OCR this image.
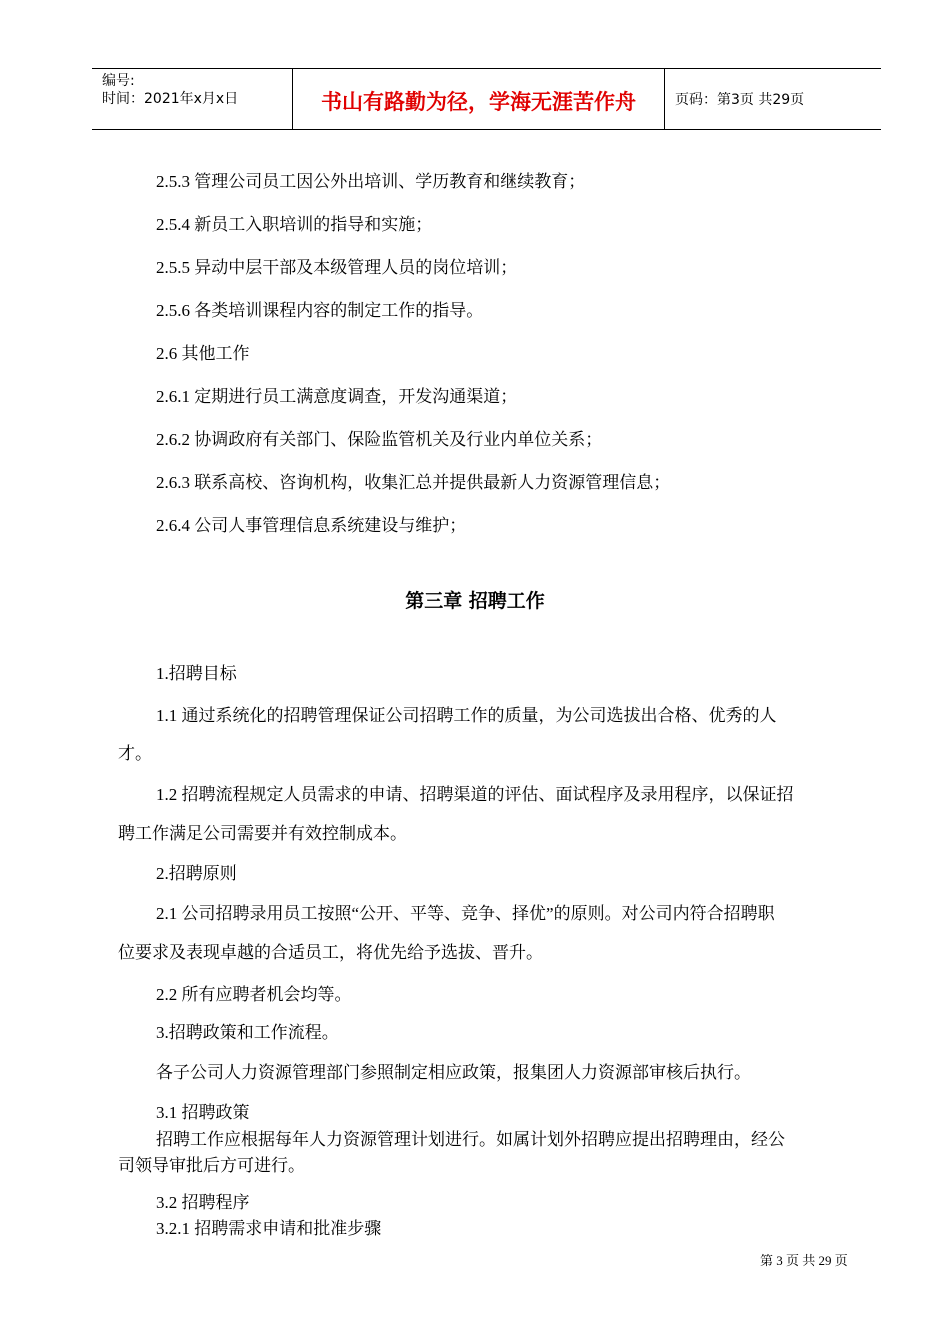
编号:
时间：2021年x月x日	书山有路勤为径，学海无涯苦作舟	页码：第3页 共29页
2.5.3 管理公司员工因公外出培训、学历教育和继续教育；
2.5.4 新员工入职培训的指导和实施；
2.5.5 异动中层干部及本级管理人员的岗位培训；
2.5.6 各类培训课程内容的制定工作的指导。
2.6 其他工作
2.6.1 定期进行员工满意度调查，开发沟通渠道；
2.6.2 协调政府有关部门、保险监管机关及行业内单位关系；
2.6.3 联系高校、咨询机构，收集汇总并提供最新人力资源管理信息；
2.6.4 公司人事管理信息系统建设与维护；
第三章 招聘工作
1.招聘目标
1.1 通过系统化的招聘管理保证公司招聘工作的质量，为公司选拔出合格、优秀的人
才。
1.2 招聘流程规定人员需求的申请、招聘渠道的评估、面试程序及录用程序，以保证招
聘工作满足公司需要并有效控制成本。
2.招聘原则
2.1 公司招聘录用员工按照“公开、平等、竞争、择优”的原则。对公司内符合招聘职
位要求及表现卓越的合适员工，将优先给予选拔、晋升。
2.2 所有应聘者机会均等。
3.招聘政策和工作流程。
各子公司人力资源管理部门参照制定相应政策，报集团人力资源部审核后执行。
3.1 招聘政策
招聘工作应根据每年人力资源管理计划进行。如属计划外招聘应提出招聘理由，经公
司领导审批后方可进行。
3.2 招聘程序
3.2.1 招聘需求申请和批准步骤
第 3 页 共 29 页
